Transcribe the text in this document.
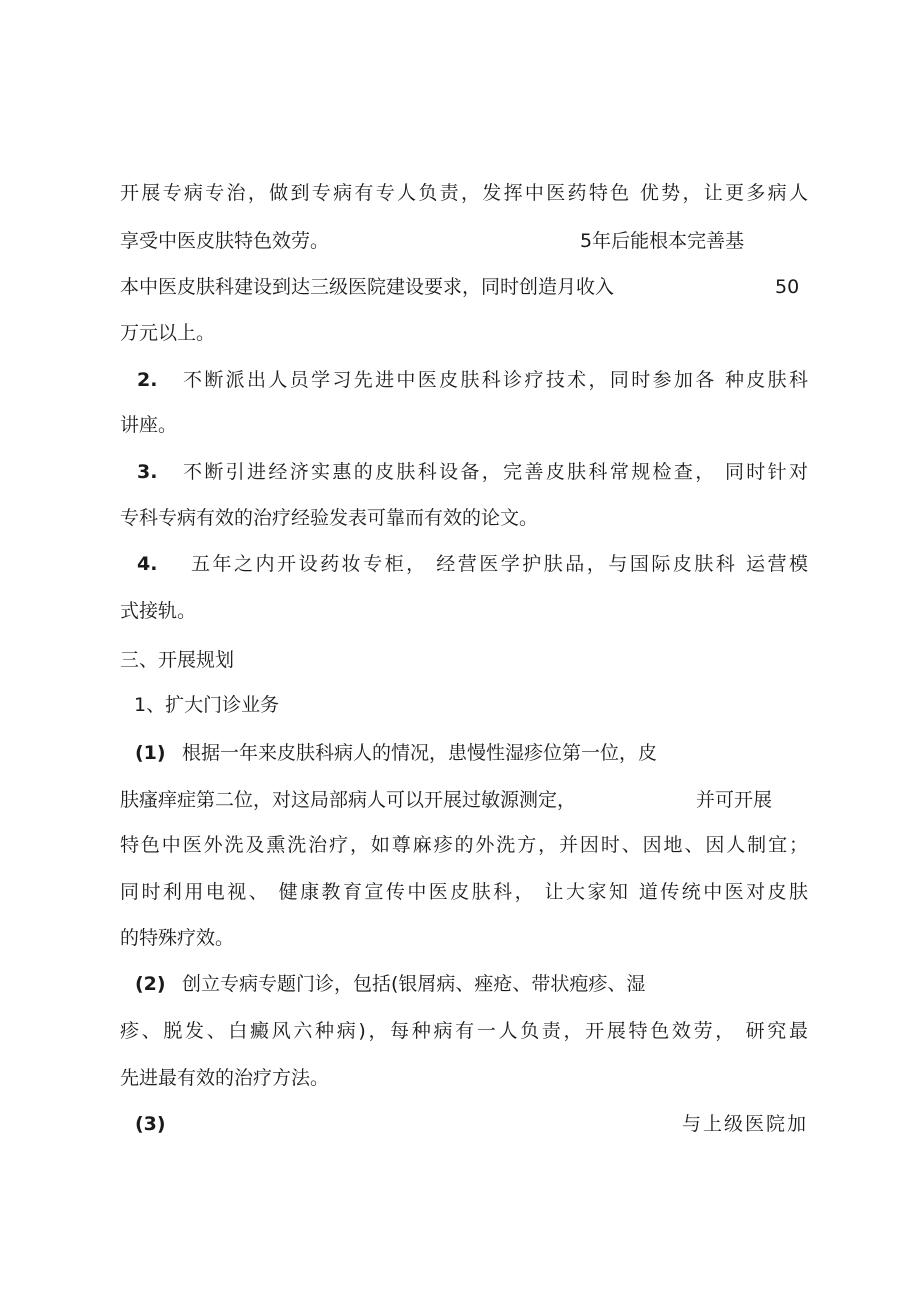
开展专病专治，做到专病有专人负责，发挥中医药特色 优势，让更多病人
享受中医皮肤特色效劳。	5年后能根本完善基
本中医皮肤科建设到达三级医院建设要求，同时创造月收入	50
万元以上。
2. 不断派出人员学习先进中医皮肤科诊疗技术，同时参加各 种皮肤科
讲座。
3. 不断引进经济实惠的皮肤科设备，完善皮肤科常规检查， 同时针对
专科专病有效的治疗经验发表可靠而有效的论文。
4. 五年之内开设药妆专柜， 经营医学护肤品，与国际皮肤科 运营模
式接轨。
三、开展规划
1、扩大门诊业务
(1) 根据一年来皮肤科病人的情况，患慢性湿疹位第一位，皮
肤瘙痒症第二位，对这局部病人可以开展过敏源测定，	并可开展
特色中医外洗及熏洗治疗，如尊麻疹的外洗方，并因时、因地、因人制宜；
同时利用电视、 健康教育宣传中医皮肤科， 让大家知 道传统中医对皮肤
的特殊疗效。
(2) 创立专病专题门诊，包括(银屑病、痤疮、带状疱疹、湿
疹、脱发、白癜风六种病)，每种病有一人负责，开展特色效劳， 研究最
先进最有效的治疗方法。
(3)	与上级医院加
